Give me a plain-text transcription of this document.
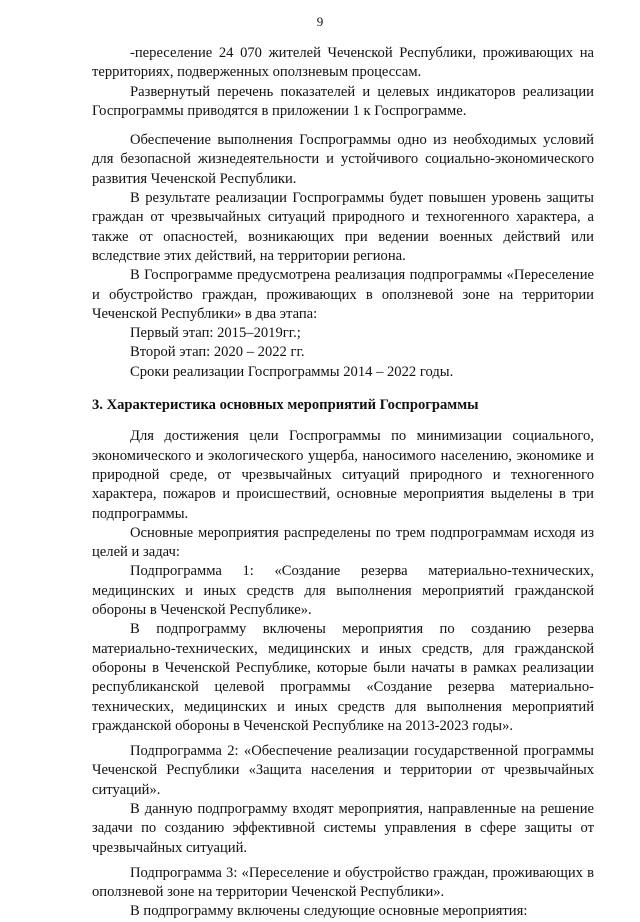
9

-переселение 24 070 жителей Чеченской Республики, проживающих на территориях, подверженных оползневым процессам.

Развернутый перечень показателей и целевых индикаторов реализации Госпрограммы приводятся в приложении 1 к Госпрограмме.

Обеспечение выполнения Госпрограммы одно из необходимых условий для безопасной жизнедеятельности и устойчивого социально-экономического развития Чеченской Республики.

В результате реализации Госпрограммы будет повышен уровень защиты граждан от чрезвычайных ситуаций природного и техногенного характера, а также от опасностей, возникающих при ведении военных действий или вследствие этих действий, на территории региона.

В Госпрограмме предусмотрена реализация подпрограммы «Переселение и обустройство граждан, проживающих в оползневой зоне на территории Чеченской Республики» в два этапа:

Первый этап: 2015–2019гг.;

Второй этап: 2020 – 2022 гг.

Сроки реализации Госпрограммы 2014 – 2022 годы.

3. Характеристика основных мероприятий Госпрограммы

Для достижения цели Госпрограммы по минимизации социального, экономического и экологического ущерба, наносимого населению, экономике и природной среде, от чрезвычайных ситуаций природного и техногенного характера, пожаров и происшествий, основные мероприятия выделены в три подпрограммы.

Основные мероприятия распределены по трем подпрограммам исходя из целей и задач:

Подпрограмма 1: «Создание резерва материально-технических, медицинских и иных средств для выполнения мероприятий гражданской обороны в Чеченской Республике».

В подпрограмму включены мероприятия по созданию резерва материально-технических, медицинских и иных средств, для гражданской обороны в Чеченской Республике, которые были начаты в рамках реализации республиканской целевой программы «Создание резерва материально-технических, медицинских и иных средств для выполнения мероприятий гражданской обороны в Чеченской Республике на 2013-2023 годы».

Подпрограмма 2: «Обеспечение реализации государственной программы Чеченской Республики «Защита населения и территории от чрезвычайных ситуаций».

В данную подпрограмму входят мероприятия, направленные на решение задачи по созданию эффективной системы управления в сфере защиты от чрезвычайных ситуаций.

Подпрограмма 3: «Переселение и обустройство граждан, проживающих в оползневой зоне на территории Чеченской Республики».

В подпрограмму включены следующие основные мероприятия:
